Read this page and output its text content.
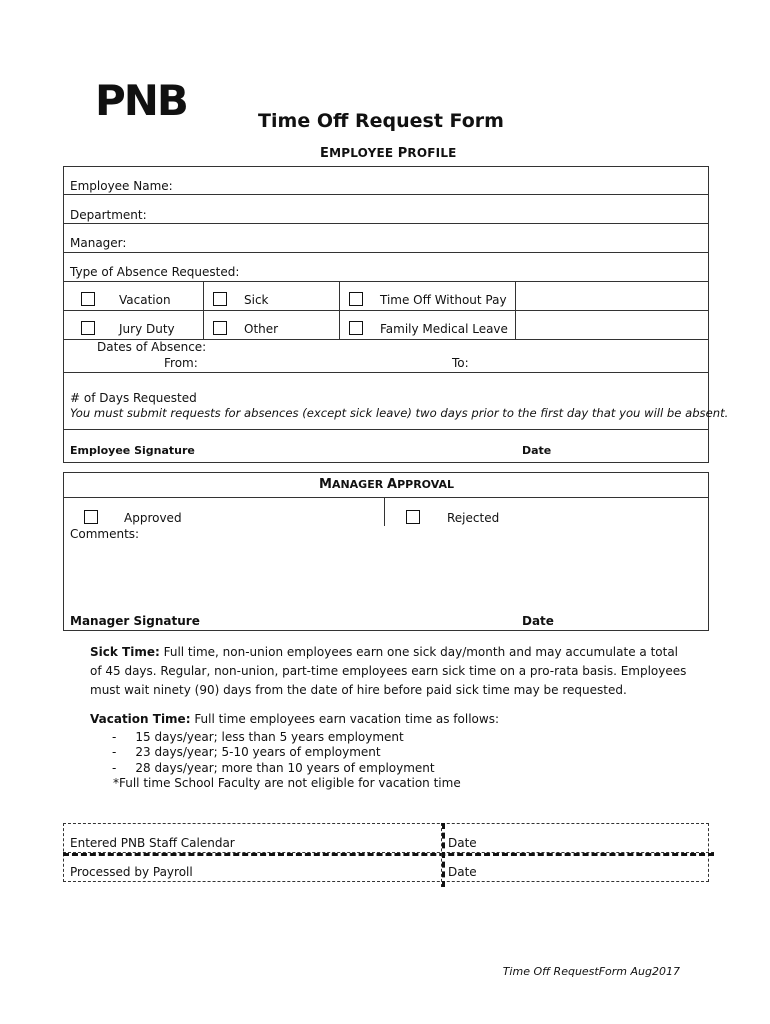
PNB	Time Off Request Form
EMPLOYEE PROFILE
Employee Name:
Department:
Manager:
Type of Absence Requested:
Vacation	Sick	Time Off Without Pay
Jury Duty	Other	Family Medical Leave
Dates of Absence:
From:	To:
# of Days Requested
You must submit requests for absences (except sick leave) two days prior to the first day that you will be absent.
Employee Signature	Date
MANAGER APPROVAL
Approved	Rejected
Comments:
Manager Signature	Date
Sick Time: Full time, non-union employees earn one sick day/month and may accumulate a total of 45 days. Regular, non-union, part-time employees earn sick time on a pro-rata basis. Employees must wait ninety (90) days from the date of hire before paid sick time may be requested.
Vacation Time: Full time employees earn vacation time as follows:
-     15 days/year; less than 5 years employment
-     23 days/year; 5-10 years of employment
-     28 days/year; more than 10 years of employment
*Full time School Faculty are not eligible for vacation time
Entered PNB Staff Calendar	Date
Processed by Payroll	Date
Time Off RequestForm Aug2017
